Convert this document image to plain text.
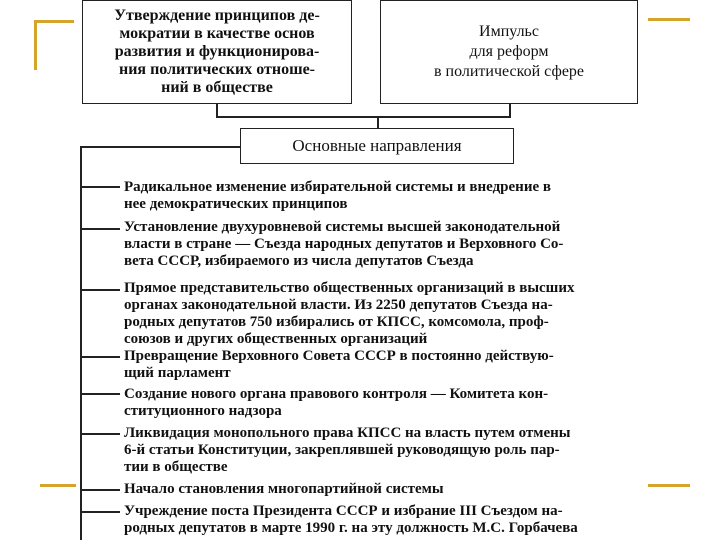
Утверждение принципов де-
мократии в качестве основ
развития и функционирова-
ния политических отноше-
ний в обществе
Импульс
для реформ
в политической сфере
Основные направления
Радикальное изменение избирательной системы и внедрение в
нее демократических принципов
Установление двухуровневой системы высшей законодательной
власти в стране — Съезда народных депутатов и Верховного Со-
вета СССР, избираемого из числа депутатов Съезда
Прямое представительство общественных организаций в высших
органах законодательной власти. Из 2250 депутатов Съезда на-
родных депутатов 750 избирались от КПСС, комсомола, проф-
союзов и других общественных организаций
Превращение Верховного Совета СССР в постоянно действую-
щий парламент
Создание нового органа правового контроля — Комитета кон-
ституционного надзора
Ликвидация монопольного права КПСС на власть путем отмены
6-й статьи Конституции, закреплявшей руководящую роль пар-
тии в обществе
Начало становления многопартийной системы
Учреждение поста Президента СССР и избрание III Съездом на-
родных депутатов в марте 1990 г. на эту должность М.С. Горбачева
